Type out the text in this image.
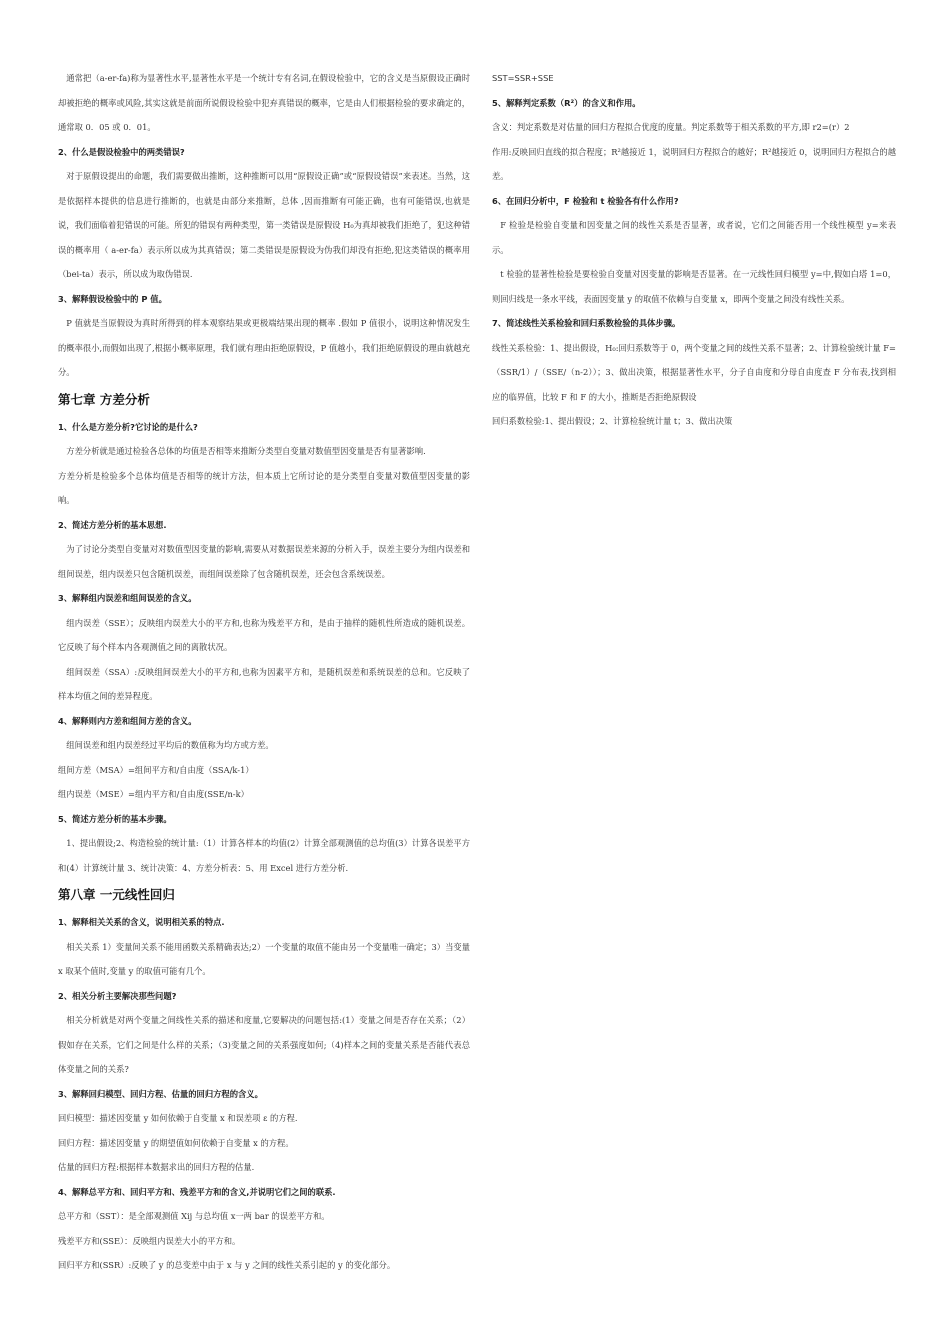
通常把（a-er-fa)称为显著性水平,显著性水平是一个统计专有名词,在假设检验中，它的含义是当原假设正确时却被拒绝的概率或风险,其实这就是前面所说假设检验中犯弃真错误的概率，它是由人们根据检验的要求确定的，通常取 0．05 或 0．01。

2、什么是假设检验中的两类错误?

对于原假设提出的命题，我们需要做出推断，这种推断可以用“原假设正确”或“原假设错误”来表述。当然，这是依据样本提供的信息进行推断的，也就是由部分来推断，总体 ,因而推断有可能正确，也有可能错误,也就是说，我们面临着犯错误的可能。所犯的错误有两种类型，第一类错误是原假设 H₀为真却被我们拒绝了，犯这种错误的概率用（ a-er-fa）表示所以成为其真错误；第二类错误是原假设为伪我们却没有拒绝,犯这类错误的概率用（bei-ta）表示，所以成为取伪错误.

3、解释假设检验中的 P 值。

P 值就是当原假设为真时所得到的样本观察结果或更极端结果出现的概率 .假如 P 值很小，说明这种情况发生的概率很小,而假如出现了,根据小概率原理，我们就有理由拒绝原假设，P 值越小，我们拒绝原假设的理由就越充分。

第七章 方差分析

1、什么是方差分析?它讨论的是什么?

方差分析就是通过检验各总体的均值是否相等来推断分类型自变量对数值型因变量是否有显著影响.

方差分析是检验多个总体均值是否相等的统计方法，但本质上它所讨论的是分类型自变量对数值型因变量的影响。

2、简述方差分析的基本思想.

为了讨论分类型自变量对对数值型因变量的影响,需要从对数据误差来源的分析入手，误差主要分为组内误差和组间误差，组内误差只包含随机误差，而组间误差除了包含随机误差，还会包含系统误差。

3、解释组内误差和组间误差的含义。

组内误差（SSE）；反映组内误差大小的平方和,也称为残差平方和，是由于抽样的随机性所造成的随机误差。它反映了每个样本内各观测值之间的离散状况。

组间误差（SSA）:反映组间误差大小的平方和,也称为因素平方和，是随机误差和系统误差的总和。它反映了样本均值之间的差异程度。

4、解释则内方差和组间方差的含义。

组间误差和组内误差经过平均后的数值称为均方或方差。

组间方差（MSA）=组间平方和/自由度（SSA/k-1）

组内误差（MSE）=组内平方和/自由度(SSE/n-k）

5、简述方差分析的基本步骤。

1、提出假设;2、构造检验的统计量:（1）计算各样本的均值(2）计算全部观测值的总均值(3）计算各误差平方和(4）计算统计量 3、统计决策：4、方差分析表：5、用 Excel 进行方差分析.

第八章 一元线性回归

1、解释相关关系的含义，说明相关系的特点.

相关关系 1）变量间关系不能用函数关系精确表达;2）一个变量的取值不能由另一个变量唯一确定；3）当变量 x 取某个值时,变量 y 的取值可能有几个。

2、相关分析主要解决那些问题?

相关分析就是对两个变量之间线性关系的描述和度量,它要解决的问题包括:(1）变量之间是否存在关系；（2）假如存在关系，它们之间是什么样的关系；（3)变量之间的关系强度如何;（4)样本之间的变量关系是否能代表总体变量之间的关系?

3、解释回归模型、回归方程、估量的回归方程的含义。

回归模型：描述因变量 y 如何依赖于自变量 x 和误差项 ε 的方程.

回归方程：描述因变量 y 的期望值如何依赖于自变量 x 的方程。

估量的回归方程:根据样本数据求出的回归方程的估量.

4、解释总平方和、回归平方和、残差平方和的含义,并说明它们之间的联系.

总平方和（SST）：是全部观测值 Xij 与总均值 x一两 bar 的误差平方和。

残差平方和(SSE）：反映组内误差大小的平方和。

回归平方和(SSR）:反映了 y 的总变差中由于 x 与 y 之间的线性关系引起的 y 的变化部分。

SST=SSR+SSE

5、解释判定系数（R²）的含义和作用。

含义：判定系数是对估量的回归方程拟合优度的度量。判定系数等于相关系数的平方,即 r2=(r）2

作用:反映回归直线的拟合程度；R²越接近 1，说明回归方程拟合的越好；R²越接近 0，说明回归方程拟合的越差。

6、在回归分析中，F 检验和 t 检验各有什么作用?

F 检验是检验自变量和因变量之间的线性关系是否显著，或者说，它们之间能否用一个线性模型 y=来表示。

t 检验的显著性检验是要检验自变量对因变量的影响是否显著。在一元线性回归模型 y=中,假如白塔 1=0，则回归线是一条水平线，表面因变量 y 的取值不依赖与自变量 x，即两个变量之间没有线性关系。

7、简述线性关系检验和回归系数检验的具体步骤。

线性关系检验：1、提出假设，H₀:回归系数等于 0，两个变量之间的线性关系不显著；2、计算检验统计量 F=（SSR/1）/（SSE/（n-2））；3、做出决策，根据显著性水平，分子自由度和分母自由度查 F 分布表,找到相应的临界值，比较 F 和 F 的大小，推断是否拒绝原假设

回归系数检验:1、提出假设；2、计算检验统计量 t；3、做出决策
